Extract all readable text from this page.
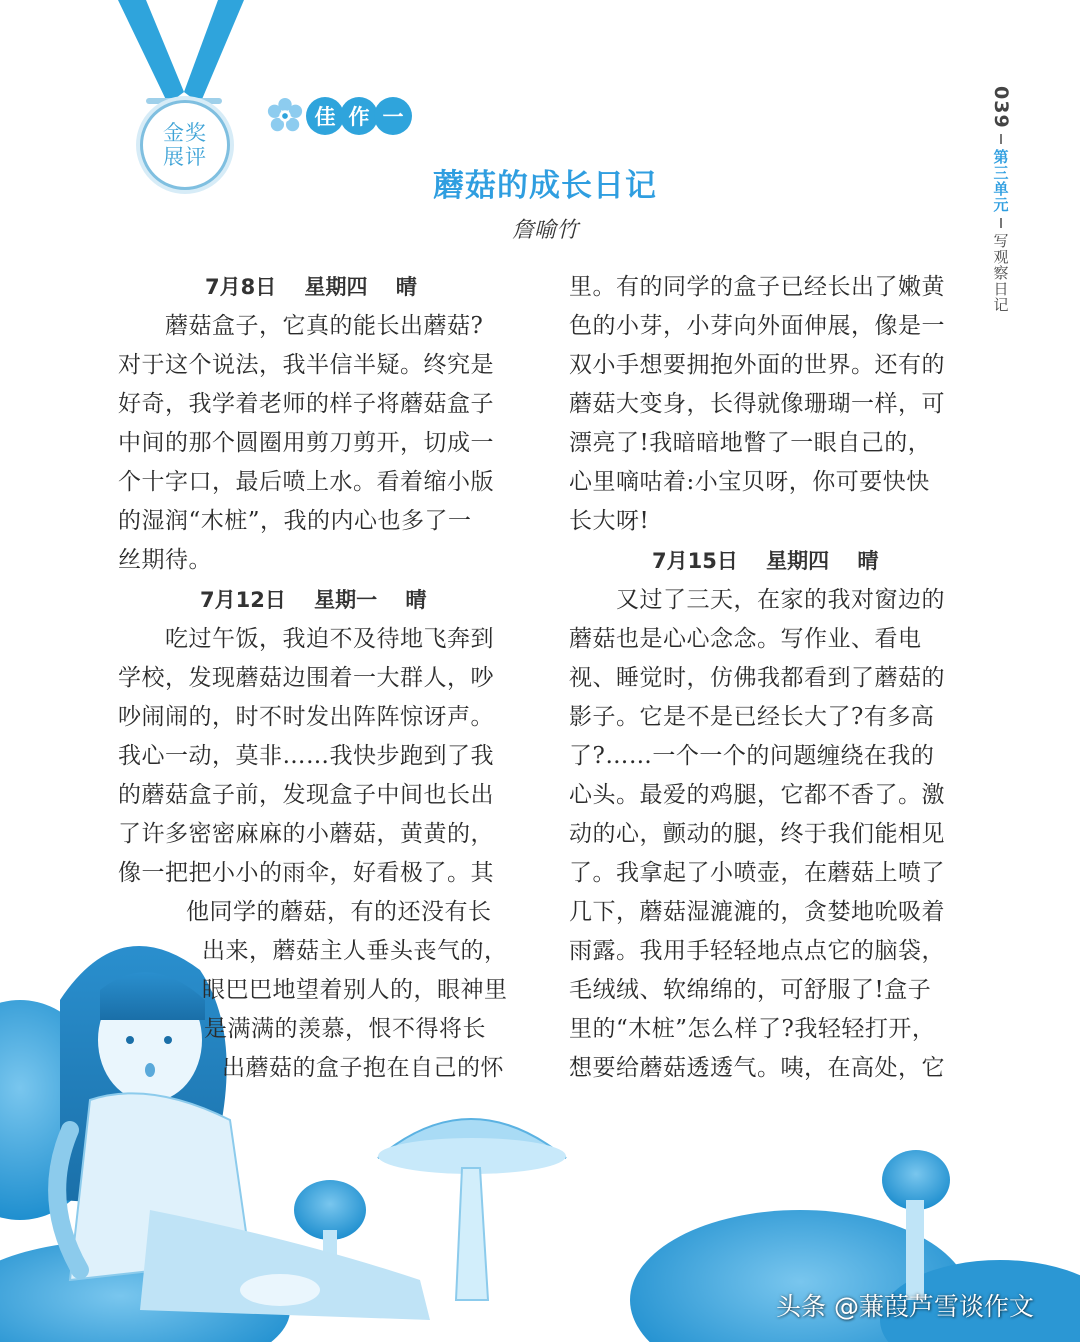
金奖
展评
佳 作 一
蘑菇的成长日记
詹喻竹
039
第三单元
写观察日记
7月8日　 星期四　 晴
　　蘑菇盒子，它真的能长出蘑菇?
对于这个说法，我半信半疑。终究是
好奇，我学着老师的样子将蘑菇盒子
中间的那个圆圈用剪刀剪开，切成一
个十字口，最后喷上水。看着缩小版
的湿润“木桩”，我的内心也多了一
丝期待。
7月12日　 星期一　 晴
　　吃过午饭，我迫不及待地飞奔到
学校，发现蘑菇边围着一大群人，吵
吵闹闹的，时不时发出阵阵惊讶声。
我心一动，莫非……我快步跑到了我
的蘑菇盒子前，发现盒子中间也长出
了许多密密麻麻的小蘑菇，黄黄的，
像一把把小小的雨伞，好看极了。其
他同学的蘑菇，有的还没有长
出来，蘑菇主人垂头丧气的，
眼巴巴地望着别人的，眼神里
是满满的羡慕，恨不得将长
出蘑菇的盒子抱在自己的怀
里。有的同学的盒子已经长出了嫩黄
色的小芽，小芽向外面伸展，像是一
双小手想要拥抱外面的世界。还有的
蘑菇大变身，长得就像珊瑚一样，可
漂亮了!我暗暗地瞥了一眼自己的，
心里嘀咕着:小宝贝呀，你可要快快
长大呀!
7月15日　 星期四　 晴
　　又过了三天，在家的我对窗边的
蘑菇也是心心念念。写作业、看电
视、睡觉时，仿佛我都看到了蘑菇的
影子。它是不是已经长大了?有多高
了?……一个一个的问题缠绕在我的
心头。最爱的鸡腿，它都不香了。激
动的心，颤动的腿，终于我们能相见
了。我拿起了小喷壶，在蘑菇上喷了
几下，蘑菇湿漉漉的，贪婪地吮吸着
雨露。我用手轻轻地点点它的脑袋，
毛绒绒、软绵绵的，可舒服了!盒子
里的“木桩”怎么样了?我轻轻打开，
想要给蘑菇透透气。咦，在高处，它
头条 @蒹葭芦雪谈作文
